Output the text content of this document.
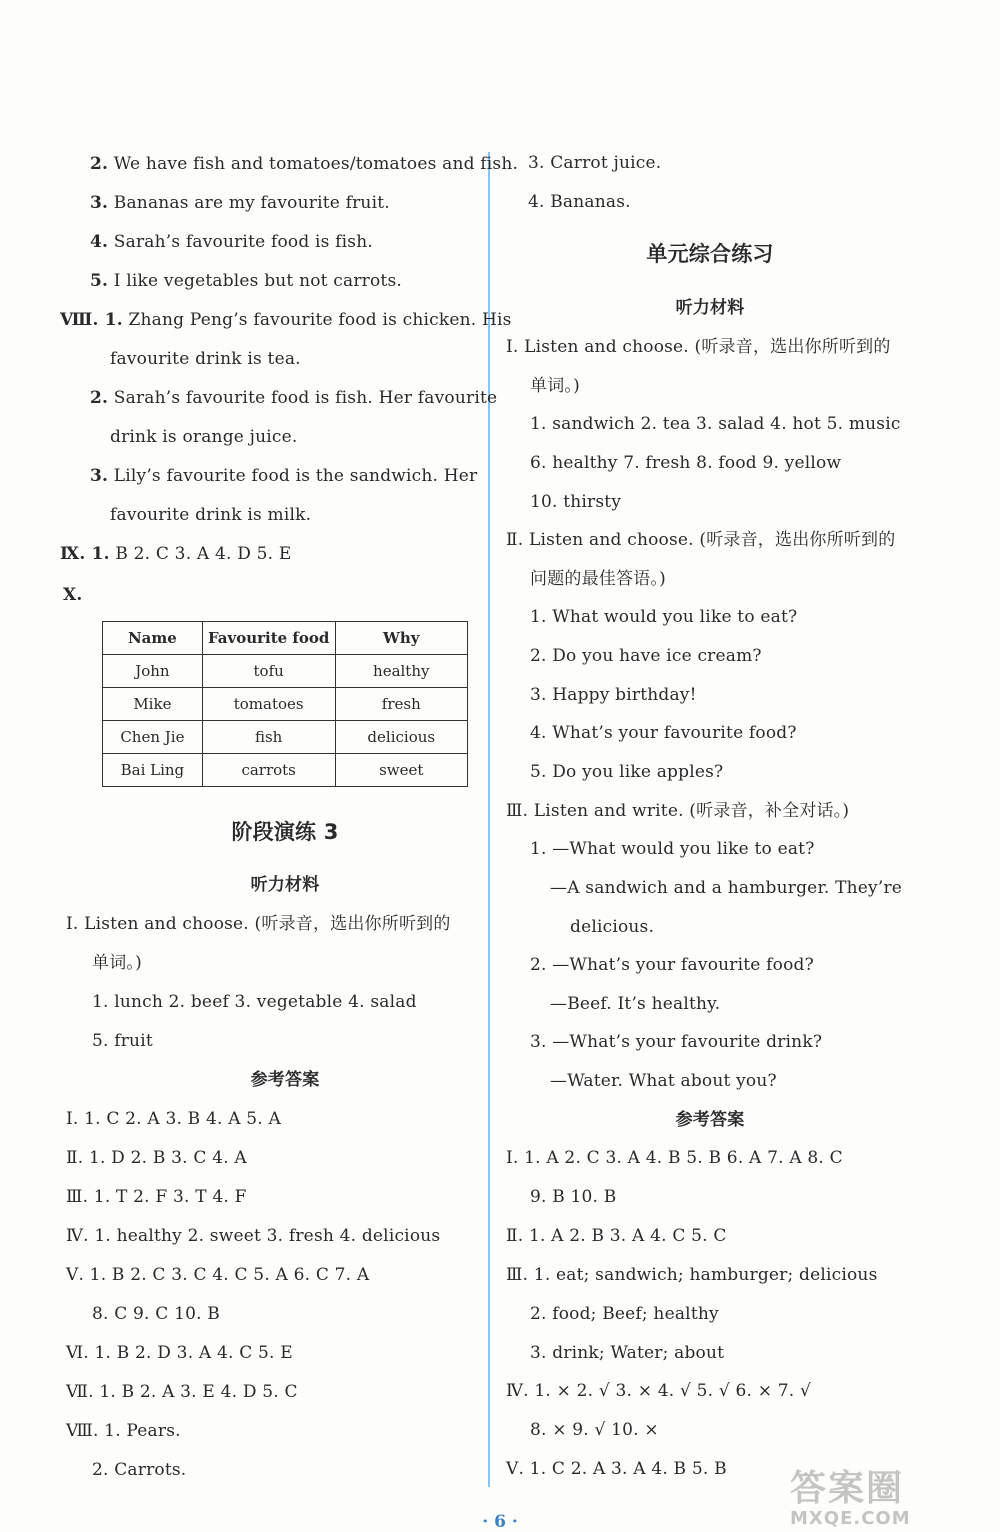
2. We have fish and tomatoes/tomatoes and fish.
3. Bananas are my favourite fruit.
4. Sarah’s favourite food is fish.
5. I like vegetables but not carrots.
Ⅷ. 1. Zhang Peng’s favourite food is chicken. His
favourite drink is tea.
2. Sarah’s favourite food is fish. Her favourite
drink is orange juice.
3. Lily’s favourite food is the sandwich. Her
favourite drink is milk.
Ⅸ. 1. B 2. C 3. A 4. D 5. E
Ⅹ.
Name	Favourite food	Why
John	tofu	healthy
Mike	tomatoes	fresh
Chen Jie	fish	delicious
Bai Ling	carrots	sweet
阶段演练 3
听力材料
Ⅰ. Listen and choose. (听录音，选出你所听到的
单词。)
1. lunch 2. beef 3. vegetable 4. salad
5. fruit
参考答案
Ⅰ. 1. C 2. A 3. B 4. A 5. A
Ⅱ. 1. D 2. B 3. C 4. A
Ⅲ. 1. T 2. F 3. T 4. F
Ⅳ. 1. healthy 2. sweet 3. fresh 4. delicious
Ⅴ. 1. B 2. C 3. C 4. C 5. A 6. C 7. A
8. C 9. C 10. B
Ⅵ. 1. B 2. D 3. A 4. C 5. E
Ⅶ. 1. B 2. A 3. E 4. D 5. C
Ⅷ. 1. Pears.
2. Carrots.
3. Carrot juice.
4. Bananas.
单元综合练习
听力材料
Ⅰ. Listen and choose. (听录音，选出你所听到的
单词。)
1. sandwich 2. tea 3. salad 4. hot 5. music
6. healthy 7. fresh 8. food 9. yellow
10. thirsty
Ⅱ. Listen and choose. (听录音，选出你所听到的
问题的最佳答语。)
1. What would you like to eat?
2. Do you have ice cream?
3. Happy birthday!
4. What’s your favourite food?
5. Do you like apples?
Ⅲ. Listen and write. (听录音，补全对话。)
1. —What would you like to eat?
—A sandwich and a hamburger. They’re
delicious.
2. —What’s your favourite food?
—Beef. It’s healthy.
3. —What’s your favourite drink?
—Water. What about you?
参考答案
Ⅰ. 1. A 2. C 3. A 4. B 5. B 6. A 7. A 8. C
9. B 10. B
Ⅱ. 1. A 2. B 3. A 4. C 5. C
Ⅲ. 1. eat; sandwich; hamburger; delicious
2. food; Beef; healthy
3. drink; Water; about
Ⅳ. 1. × 2. √ 3. × 4. √ 5. √ 6. × 7. √
8. × 9. √ 10. ×
Ⅴ. 1. C 2. A 3. A 4. B 5. B
· 6 ·
答案圈
MXQE.COM
